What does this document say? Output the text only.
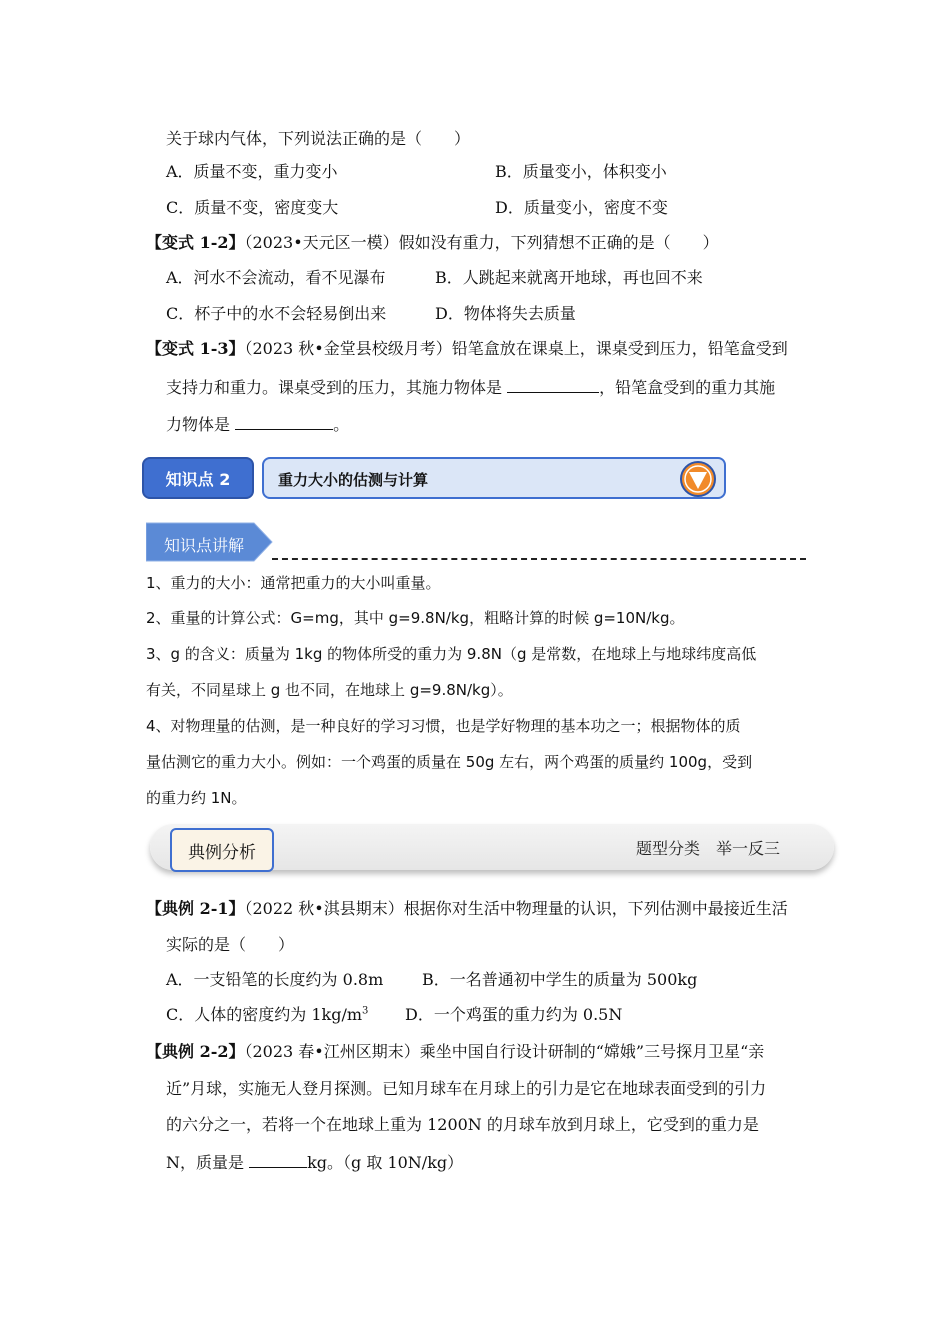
关于球内气体，下列说法正确的是（　　）
A．质量不变，重力变小	B．质量变小，体积变小
C．质量不变，密度变大	D．质量变小，密度不变
【变式 1-2】（2023•天元区一模）假如没有重力，下列猜想不正确的是（　　）
A．河水不会流动，看不见瀑布	B．人跳起来就离开地球，再也回不来
C．杯子中的水不会轻易倒出来	D．物体将失去质量
【变式 1-3】（2023 秋•金堂县校级月考）铅笔盒放在课桌上，课桌受到压力，铅笔盒受到
支持力和重力。课桌受到的压力，其施力物体是	，铅笔盒受到的重力其施
力物体是	。
知识点 2	重力大小的估测与计算
知识点讲解
1、重力的大小：通常把重力的大小叫重量。
2、重量的计算公式：G=mg，其中 g=9.8N/kg，粗略计算的时候 g=10N/kg。
3、g 的含义：质量为 1kg 的物体所受的重力为 9.8N（g 是常数，在地球上与地球纬度高低
有关，不同星球上 g 也不同，在地球上 g=9.8N/kg）。
4、对物理量的估测，是一种良好的学习习惯，也是学好物理的基本功之一；根据物体的质
量估测它的重力大小。例如：一个鸡蛋的质量在 50g 左右，两个鸡蛋的质量约 100g，受到
的重力约 1N。
典例分析	题型分类　举一反三
【典例 2-1】（2022 秋•淇县期末）根据你对生活中物理量的认识，下列估测中最接近生活
实际的是（　　）
A．一支铅笔的长度约为 0.8m B．一名普通初中学生的质量为 500kg
C．人体的密度约为 $1kg/m^3$ D．一个鸡蛋的重力约为 0.5N
【典例 2-2】（2023 春•江州区期末）乘坐中国自行设计研制的“嫦娥”三号探月卫星“亲
近”月球，实施无人登月探测。已知月球车在月球上的引力是它在地球表面受到的引力
的六分之一，若将一个在地球上重为 1200N 的月球车放到月球上，它受到的重力是
N，质量是	kg。（g 取 10N/kg）
